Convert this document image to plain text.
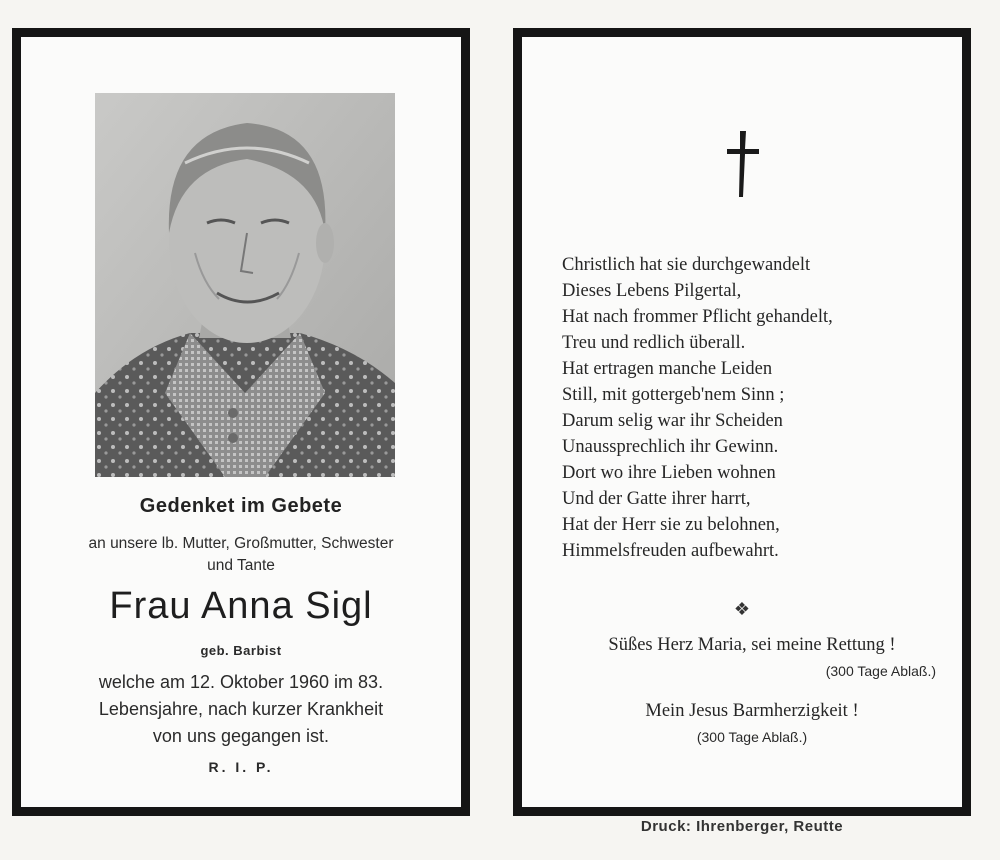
Gedenket im Gebete
an unsere lb. Mutter, Großmutter, Schwester
und Tante
Frau Anna Sigl
geb. Barbist
welche am 12. Oktober 1960 im 83.
Lebensjahre, nach kurzer Krankheit
von uns gegangen ist.
R. I. P.
Christlich hat sie durchgewandelt
Dieses Lebens Pilgertal,
Hat nach frommer Pflicht gehandelt,
Treu und redlich überall.
Hat ertragen manche Leiden
Still, mit gottergeb'nem Sinn ;
Darum selig war ihr Scheiden
Unaussprechlich ihr Gewinn.
Dort wo ihre Lieben wohnen
Und der Gatte ihrer harrt,
Hat der Herr sie zu belohnen,
Himmelsfreuden aufbewahrt.
❖
Süßes Herz Maria, sei meine Rettung !
(300 Tage Ablaß.)
Mein Jesus Barmherzigkeit !
(300 Tage Ablaß.)
Druck: Ihrenberger, Reutte
